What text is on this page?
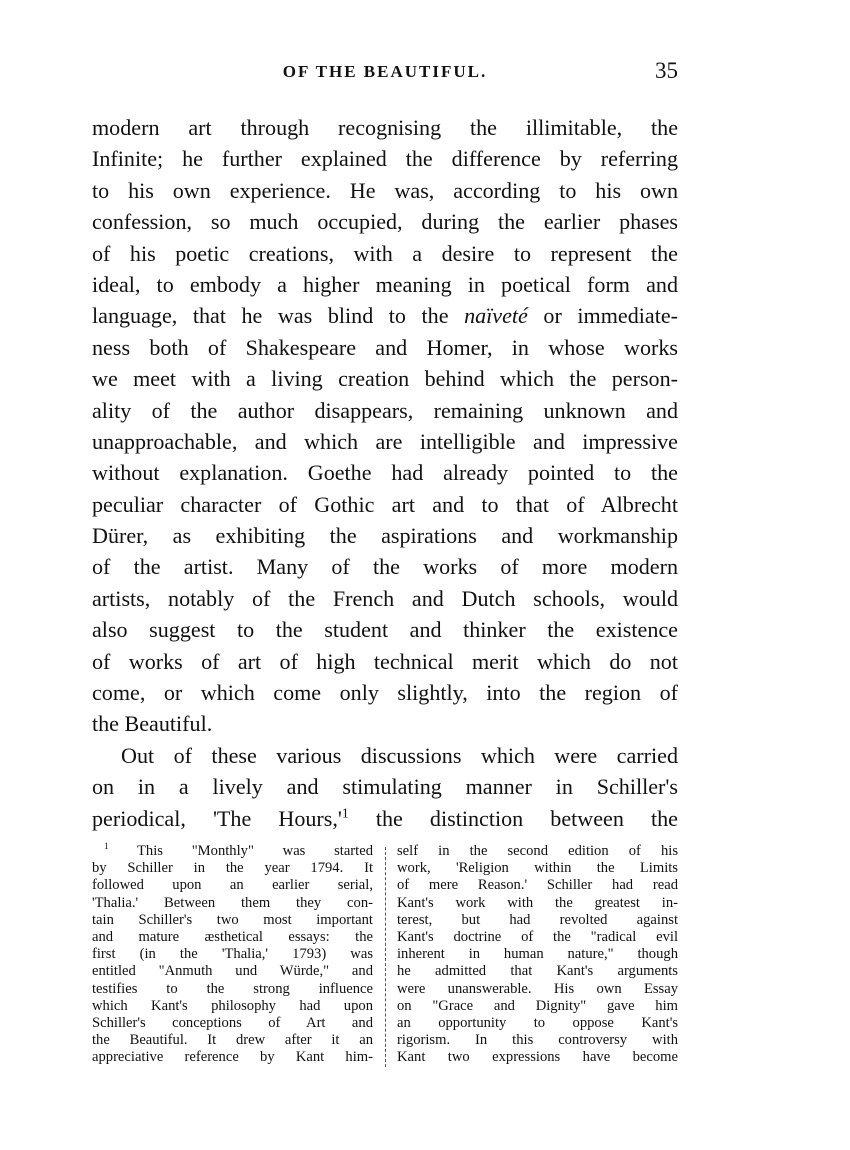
OF THE BEAUTIFUL.	35
modern art through recognising the illimitable, the
Infinite; he further explained the difference by referring
to his own experience. He was, according to his own
confession, so much occupied, during the earlier phases
of his poetic creations, with a desire to represent the
ideal, to embody a higher meaning in poetical form and
language, that he was blind to the naïveté or immediate-
ness both of Shakespeare and Homer, in whose works
we meet with a living creation behind which the person-
ality of the author disappears, remaining unknown and
unapproachable, and which are intelligible and impressive
without explanation. Goethe had already pointed to the
peculiar character of Gothic art and to that of Albrecht
Dürer, as exhibiting the aspirations and workmanship
of the artist. Many of the works of more modern
artists, notably of the French and Dutch schools, would
also suggest to the student and thinker the existence
of works of art of high technical merit which do not
come, or which come only slightly, into the region of
the Beautiful.
Out of these various discussions which were carried
on in a lively and stimulating manner in Schiller's
periodical, 'The $Hours,'^1$ the distinction between the
$^1$ This "Monthly" was started
by Schiller in the year 1794. It
followed upon an earlier serial,
'Thalia.' Between them they con-
tain Schiller's two most important
and mature æsthetical essays: the
first (in the 'Thalia,' 1793) was
entitled "Anmuth und Würde," and
testifies to the strong influence
which Kant's philosophy had upon
Schiller's conceptions of Art and
the Beautiful. It drew after it an
appreciative reference by Kant him-
self in the second edition of his
work, 'Religion within the Limits
of mere Reason.' Schiller had read
Kant's work with the greatest in-
terest, but had revolted against
Kant's doctrine of the "radical evil
inherent in human nature," though
he admitted that Kant's arguments
were unanswerable. His own Essay
on "Grace and Dignity" gave him
an opportunity to oppose Kant's
rigorism. In this controversy with
Kant two expressions have become
